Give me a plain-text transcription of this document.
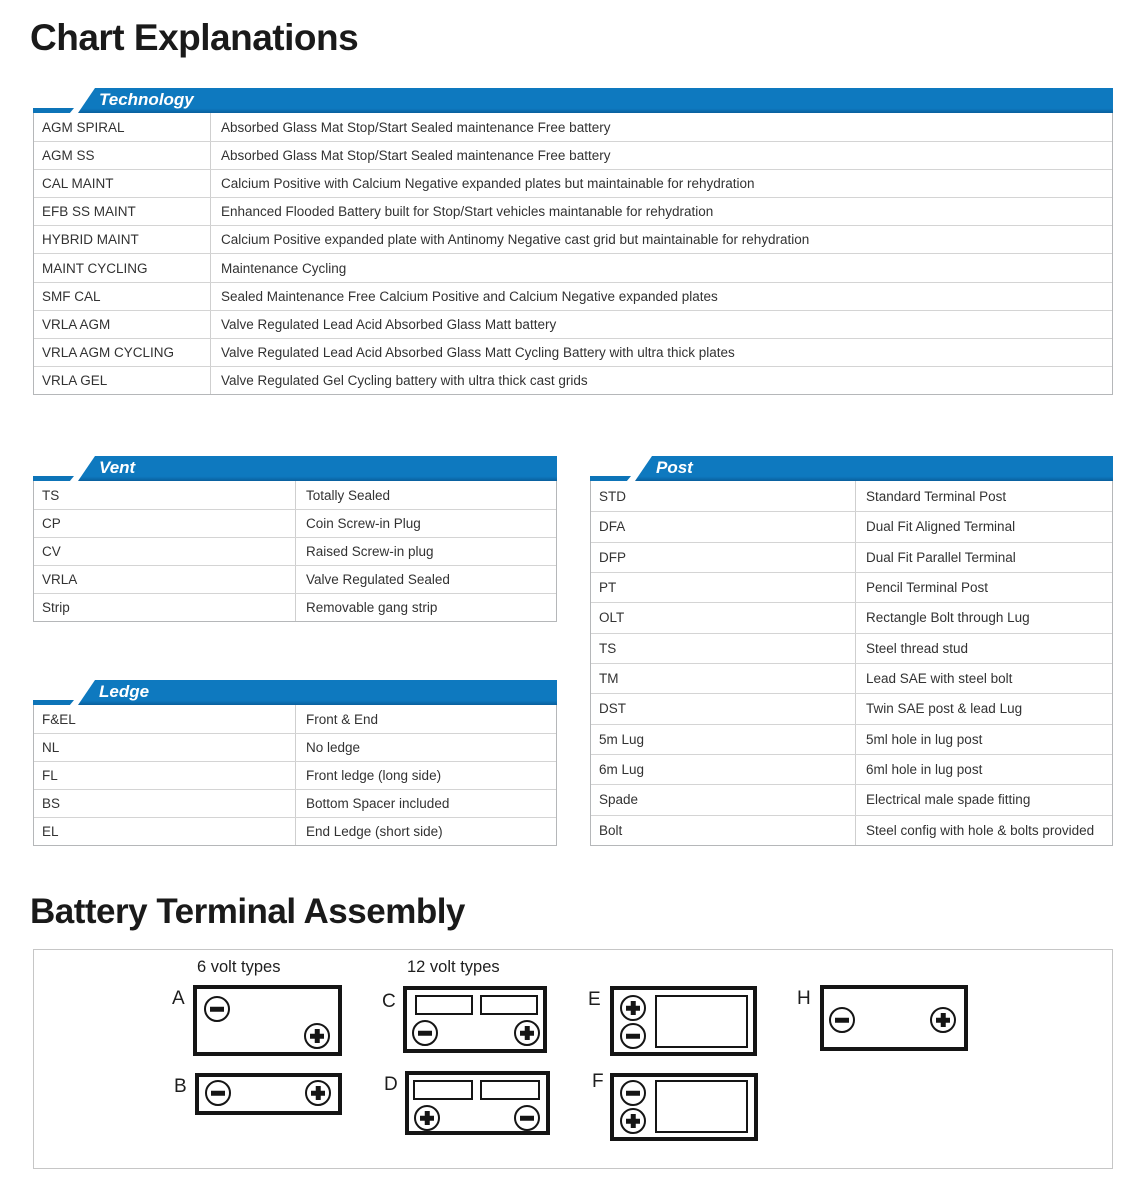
Chart Explanations
Technology
AGM SPIRAL	Absorbed Glass Mat Stop/Start Sealed maintenance Free battery
AGM SS	Absorbed Glass Mat Stop/Start Sealed maintenance Free battery
CAL MAINT	Calcium Positive with Calcium Negative expanded plates but maintainable for rehydration
EFB SS MAINT	Enhanced Flooded Battery built for Stop/Start vehicles maintanable for rehydration
HYBRID MAINT	Calcium Positive expanded plate with Antinomy Negative cast grid but maintainable for rehydration
MAINT CYCLING	Maintenance Cycling
SMF CAL	Sealed Maintenance Free Calcium Positive and Calcium Negative expanded plates
VRLA AGM	Valve Regulated Lead Acid Absorbed Glass Matt battery
VRLA AGM CYCLING	Valve Regulated Lead Acid Absorbed Glass Matt Cycling Battery with ultra thick plates
VRLA GEL	Valve Regulated Gel Cycling battery with ultra thick cast grids
Vent
TS	Totally Sealed
CP	Coin Screw-in Plug
CV	Raised Screw-in plug
VRLA	Valve Regulated Sealed
Strip	Removable gang strip
Post
STD	Standard Terminal Post
DFA	Dual Fit Aligned Terminal
DFP	Dual Fit Parallel Terminal
PT	Pencil Terminal Post
OLT	Rectangle Bolt through Lug
TS	Steel thread stud
TM	Lead SAE with steel bolt
DST	Twin SAE post & lead Lug
5m Lug	5ml hole in lug post
6m Lug	6ml hole in lug post
Spade	Electrical male spade fitting
Bolt	Steel config with hole & bolts provided
Ledge
F&EL	Front & End
NL	No ledge
FL	Front ledge (long side)
BS	Bottom Spacer included
EL	End Ledge (short side)
Battery Terminal Assembly
6 volt types	12 volt types
A
B
C
D
E
F
H
